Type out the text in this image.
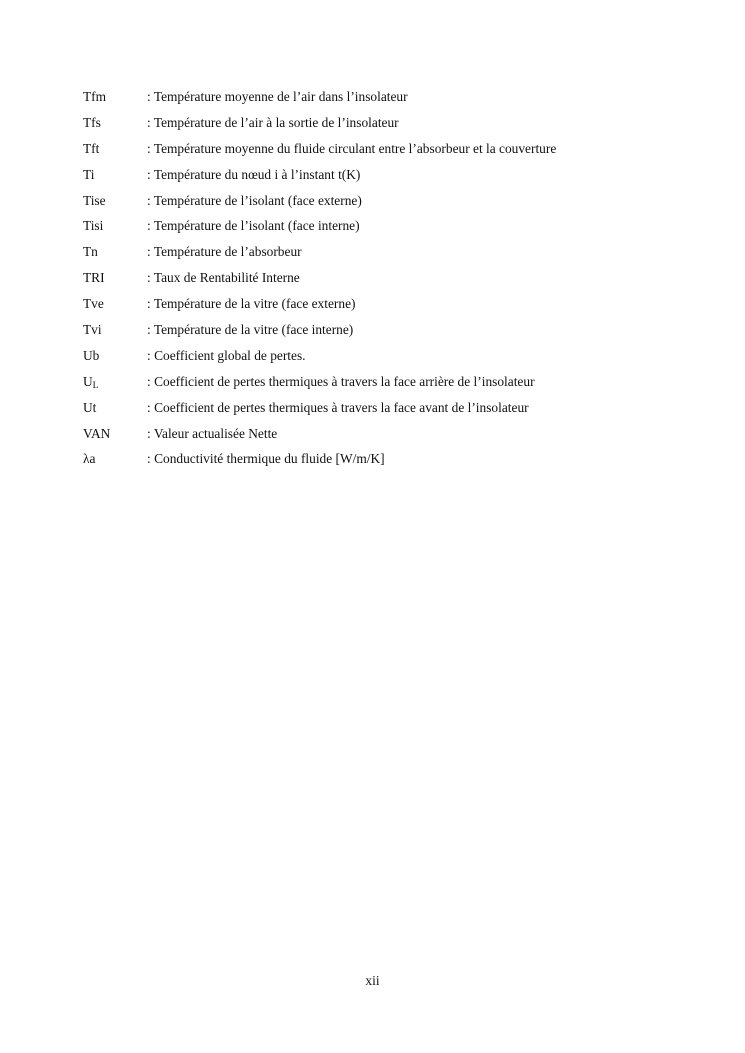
Tfm	: Température moyenne de l’air dans l’insolateur
Tfs	: Température de l’air à la sortie de l’insolateur
Tft	: Température moyenne du fluide circulant entre l’absorbeur et la couverture
Ti	: Température du nœud i à l’instant t(K)
Tise	: Température de l’isolant (face externe)
Tisi	: Température de l’isolant (face interne)
Tn	: Température de l’absorbeur
TRI	: Taux de Rentabilité Interne
Tve	: Température de la vitre (face externe)
Tvi	: Température de la vitre (face interne)
Ub	: Coefficient global de pertes.
$U_L$	: Coefficient de pertes thermiques à travers la face arrière de l’insolateur
Ut	: Coefficient de pertes thermiques à travers la face avant de l’insolateur
VAN	: Valeur actualisée Nette
λa	: Conductivité thermique du fluide [W/m/K]
xii
